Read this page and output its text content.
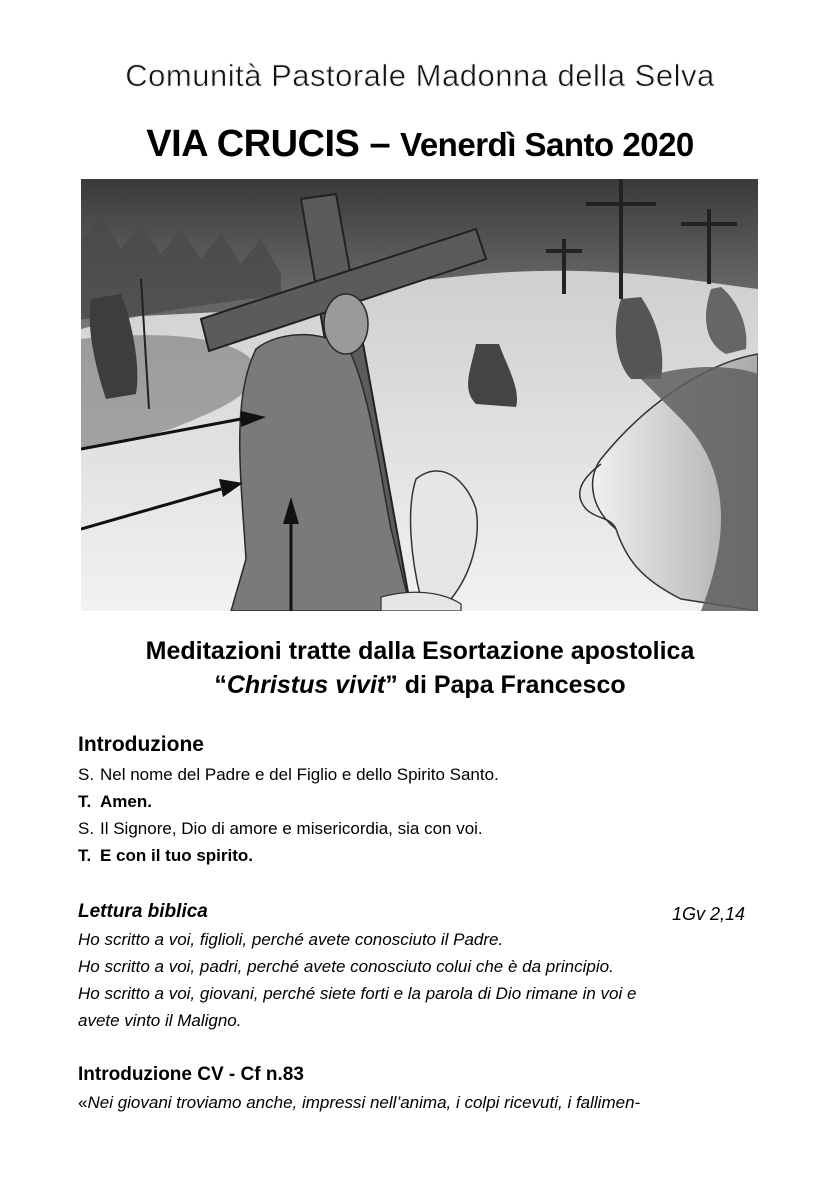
Comunità Pastorale Madonna della Selva
VIA CRUCIS – Venerdì Santo 2020
Meditazioni tratte dalla Esortazione apostolica
“Christus vivit” di Papa Francesco
Introduzione
S. Nel nome del Padre e del Figlio e dello Spirito Santo.
T. Amen.
S. Il Signore, Dio di amore e misericordia, sia con voi.
T. E con il tuo spirito.
Lettura biblica	1Gv 2,14
Ho scritto a voi, figlioli, perché avete conosciuto il Padre.
Ho scritto a voi, padri, perché avete conosciuto colui che è da principio.
Ho scritto a voi, giovani, perché siete forti e la parola di Dio rimane in voi e
avete vinto il Maligno.
Introduzione CV - Cf n.83
«Nei giovani troviamo anche, impressi nell’anima, i colpi ricevuti, i fallimen-
